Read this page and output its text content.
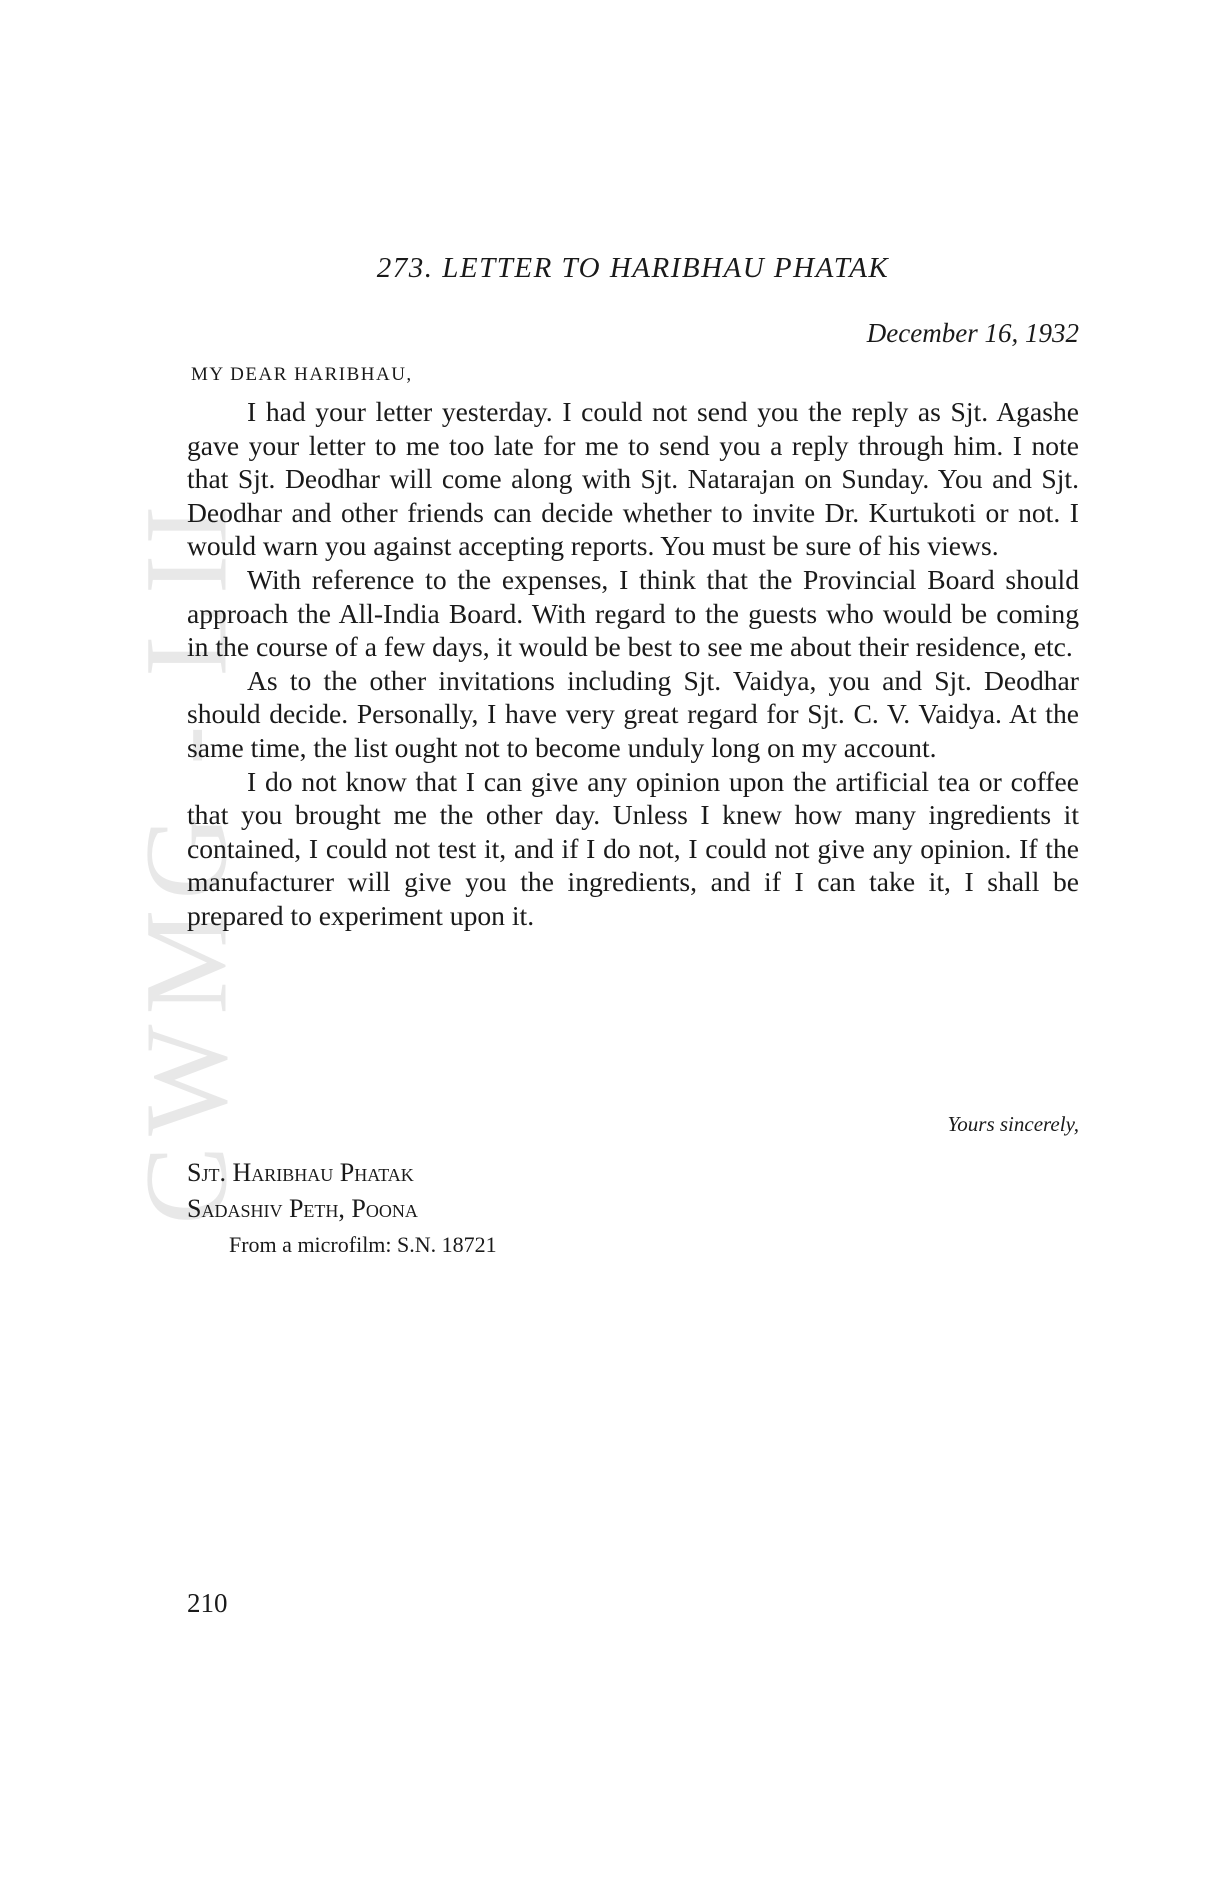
CWMG - LII
273. LETTER TO HARIBHAU PHATAK
December 16, 1932
MY DEAR HARIBHAU,

I had your letter yesterday. I could not send you the reply as Sjt. Agashe gave your letter to me too late for me to send you a reply through him. I note that Sjt. Deodhar will come along with Sjt. Natarajan on Sunday. You and Sjt. Deodhar and other friends can decide whether to invite Dr. Kurtukoti or not. I would warn you against accepting reports. You must be sure of his views.

With reference to the expenses, I think that the Provincial Board should approach the All-India Board. With regard to the guests who would be coming in the course of a few days, it would be best to see me about their residence, etc.

As to the other invitations including Sjt. Vaidya, you and Sjt. Deodhar should decide. Personally, I have very great regard for Sjt. C. V. Vaidya. At the same time, the list ought not to become unduly long on my account.

I do not know that I can give any opinion upon the artificial tea or coffee that you brought me the other day. Unless I knew how many ingredients it contained, I could not test it, and if I do not, I could not give any opinion. If the manufacturer will give you the ingredients, and if I can take it, I shall be prepared to experiment upon it.

Yours sincerely,
Sjt. Haribhau Phatak
Sadashiv Peth, Poona
From a microfilm: S.N. 18721
210
